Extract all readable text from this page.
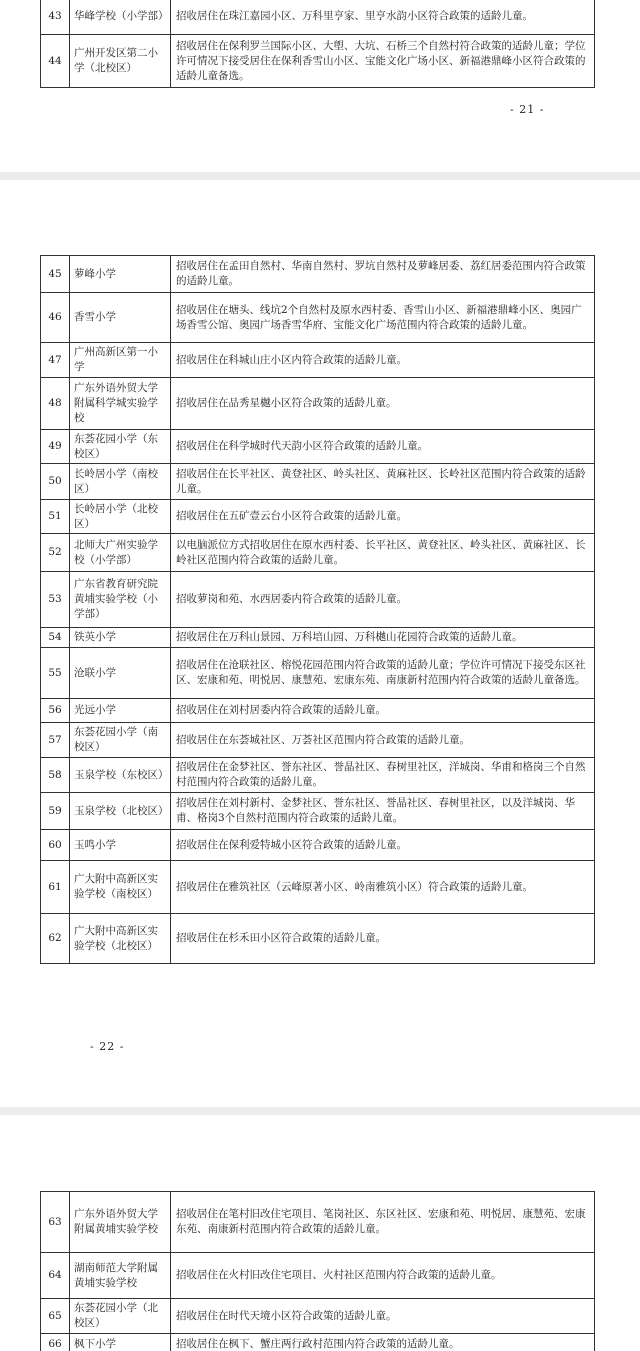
43	华峰学校（小学部）	招收居住在珠江嘉园小区、万科里亨家、里亨水韵小区符合政策的适龄儿童。
44	广州开发区第二小学（北校区）	招收居住在保利罗兰国际小区、大塱、大坑、石桥三个自然村符合政策的适龄儿童；学位许可情况下接受居住在保利香雪山小区、宝能文化广场小区、新福港鼎峰小区符合政策的适龄儿童备选。
- 21 -
45	萝峰小学	招收居住在孟田自然村、华南自然村、罗坑自然村及萝峰居委、荔红居委范围内符合政策的适龄儿童。
46	香雪小学	招收居住在塘头、线坑2个自然村及原水西村委、香雪山小区、新福港鼎峰小区、奥园广场香雪公馆、奥园广场香雪华府、宝能文化广场范围内符合政策的适龄儿童。
47	广州高新区第一小学	招收居住在科城山庄小区内符合政策的适龄儿童。
48	广东外语外贸大学附属科学城实验学校	招收居住在品秀星樾小区符合政策的适龄儿童。
49	东荟花园小学（东校区）	招收居住在科学城时代天韵小区符合政策的适龄儿童。
50	长岭居小学（南校区）	招收居住在长平社区、黄登社区、岭头社区、黄麻社区、长岭社区范围内符合政策的适龄儿童。
51	长岭居小学（北校区）	招收居住在五矿壹云台小区符合政策的适龄儿童。
52	北师大广州实验学校（小学部）	以电脑派位方式招收居住在原水西村委、长平社区、黄登社区、岭头社区、黄麻社区、长岭社区范围内符合政策的适龄儿童。
53	广东省教育研究院黄埔实验学校（小学部）	招收萝岗和苑、水西居委内符合政策的适龄儿童。
54	铁英小学	招收居住在万科山景园、万科培山园、万科樾山花园符合政策的适龄儿童。
55	沧联小学	招收居住在沧联社区、榕悦花园范围内符合政策的适龄儿童；学位许可情况下接受东区社区、宏康和苑、明悦居、康慧苑、宏康东苑、南康新村范围内符合政策的适龄儿童备选。
56	光远小学	招收居住在刘村居委内符合政策的适龄儿童。
57	东荟花园小学（南校区）	招收居住在东荟城社区、万荟社区范围内符合政策的适龄儿童。
58	玉泉学校（东校区）	招收居住在金梦社区、誉东社区、誉晶社区、春树里社区，洋城岗、华甫和格岗三个自然村范围内符合政策的适龄儿童。
59	玉泉学校（北校区）	招收居住在刘村新村、金梦社区、誉东社区、誉晶社区、春树里社区，以及洋城岗、华甫、格岗3个自然村范围内符合政策的适龄儿童。
60	玉鸣小学	招收居住在保利爱特城小区符合政策的适龄儿童。
61	广大附中高新区实验学校（南校区）	招收居住在雅筑社区（云峰原著小区、岭南雅筑小区）符合政策的适龄儿童。
62	广大附中高新区实验学校（北校区）	招收居住在杉禾田小区符合政策的适龄儿童。
- 22 -
63	广东外语外贸大学附属黄埔实验学校	招收居住在笔村旧改住宅项目、笔岗社区、东区社区、宏康和苑、明悦居、康慧苑、宏康东苑、南康新村范围内符合政策的适龄儿童。
64	湖南师范大学附属黄埔实验学校	招收居住在火村旧改住宅项目、火村社区范围内符合政策的适龄儿童。
65	东荟花园小学（北校区）	招收居住在时代天境小区符合政策的适龄儿童。
66	枫下小学	招收居住在枫下、蟹庄两行政村范围内符合政策的适龄儿童。
